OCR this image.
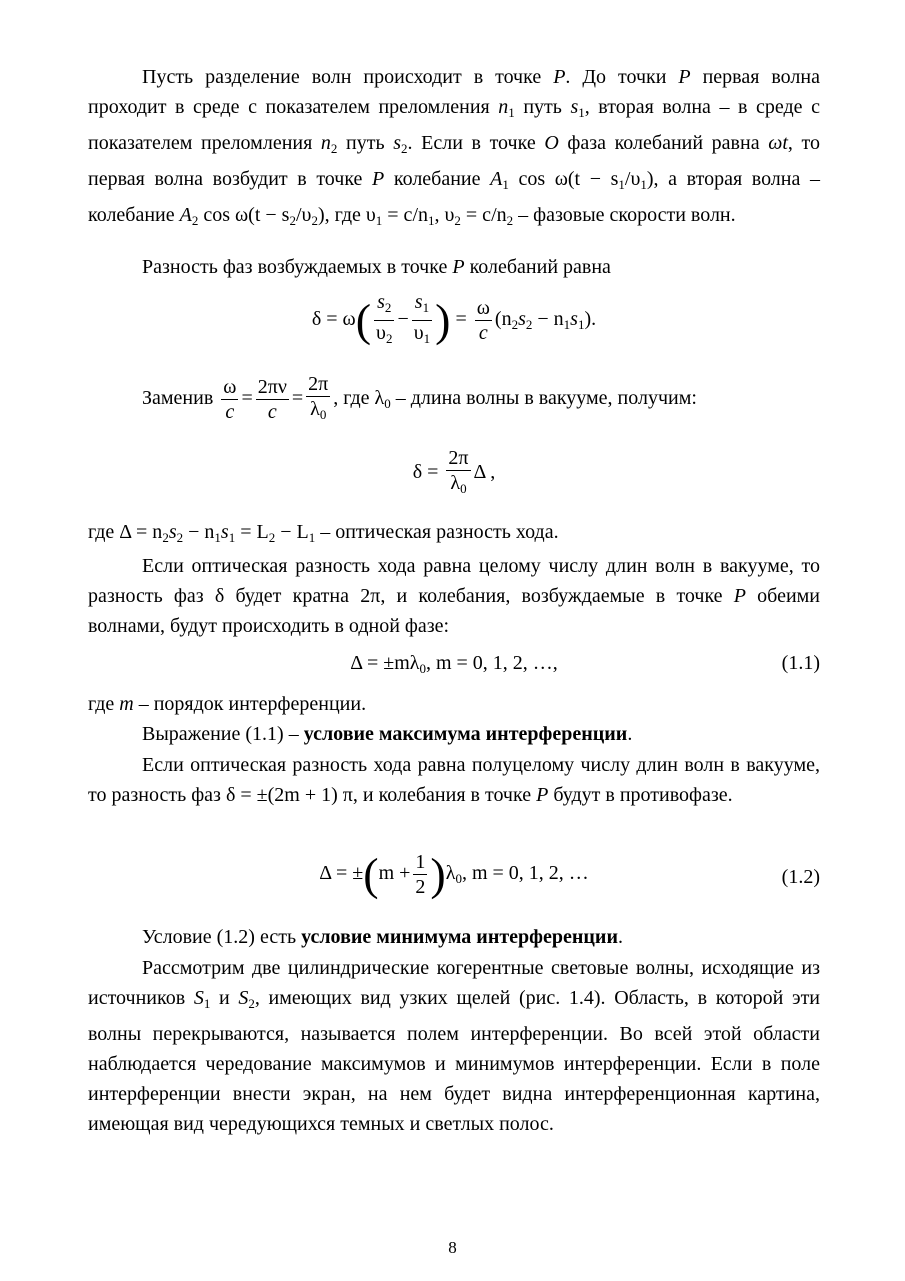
Пусть разделение волн происходит в точке P. До точки P первая волна проходит в среде с показателем преломления $n_1$ путь $s_1$, вторая волна – в среде с показателем преломления $n_2$ путь $s_2$. Если в точке O фаза колебаний равна ωt, то первая волна возбудит в точке P колебание $A_1$ $\cos \omega(t - s_1/\upsilon_1)$, а вторая волна – колебание $A_2$ $\cos \omega(t - s_2/\upsilon_2)$, где $\upsilon_1 = c/n_1$, $\upsilon_2 = c/n_2$ – фазовые скорости волн.

Разность фаз возбуждаемых в точке P колебаний равна

$\delta = \omega( \frac{s_2}{\upsilon_2} - \frac{s_1}{\upsilon_1}$ ) = $\frac{\omega}{c} (n_2s_2 - n_1s_1)$.
Заменив $\frac{\omega}{c} = \frac{2\pi\nu}{c} = \frac{2\pi}{\lambda_0}$ , где $\lambda_0$ – длина волны в вакууме, получим:
$\delta = \frac{2\pi}{\lambda_0}$ Δ ,

где $\Delta = n_2s_2 - n_1s_1 = L_2 - L_1$ – оптическая разность хода.

Если оптическая разность хода равна целому числу длин волн в вакууме, то разность фаз δ будет кратна 2π, и колебания, возбуждаемые в точке P обеими волнами, будут происходить в одной фазе:

$\Delta = \pm m\lambda_0$, m = 0, 1, 2, …,	(1.1)

где m – порядок интерференции.

Выражение (1.1) – условие максимума интерференции.

Если оптическая разность хода равна полуцелому числу длин волн в вакууме, то разность фаз δ = ±(2m + 1) π, и колебания в точке P будут в противофазе.

$\Delta = \pm(m + \frac{1}{2} )\lambda_0$, m = 0, 1, 2, …	(1.2)

Условие (1.2) есть условие минимума интерференции.

Рассмотрим две цилиндрические когерентные световые волны, исходящие из источников $S_1$ и $S_2$, имеющих вид узких щелей (рис. 1.4). Область, в которой эти волны перекрываются, называется полем интерференции. Во всей этой области наблюдается чередование максимумов и минимумов интерференции. Если в поле интерференции внести экран, на нем будет видна интерференционная картина, имеющая вид чередующихся темных и светлых полос.

8
